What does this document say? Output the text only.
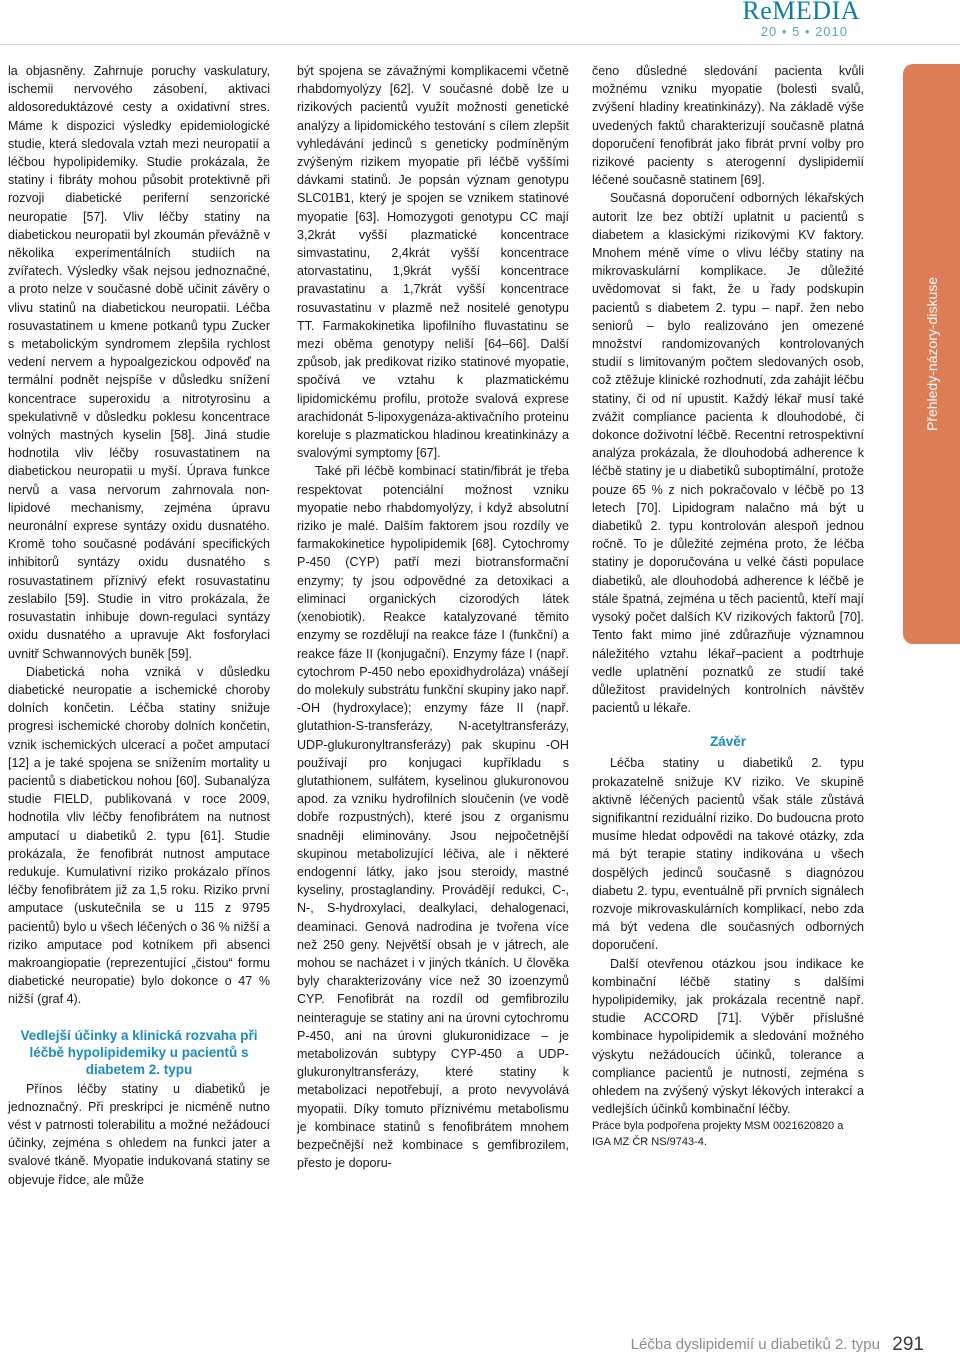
ReMEDIA
20 • 5 • 2010
Přehledy-názory-diskuse

la objasněny. Zahrnuje poruchy vaskulatury, ischemii nervového zásobení, aktivaci aldosoreduktázové cesty a oxidativní stres. Máme k dispozici výsledky epidemiologické studie, která sledovala vztah mezi neuropatií a léčbou hypolipidemiky. Studie prokázala, že statiny i fibráty mohou působit protektivně při rozvoji diabetické periferní senzorické neuropatie [57]. Vliv léčby statiny na diabetickou neuropatii byl zkoumán převážně v několika experimentálních studiích na zvířatech. Výsledky však nejsou jednoznačné, a proto nelze v současné době učinit závěry o vlivu statinů na diabetickou neuropatii. Léčba rosuvastatinem u kmene potkanů typu Zucker s metabolickým syndromem zlepšila rychlost vedení nervem a hypoalgezickou odpověď na termální podnět nejspíše v důsledku snížení koncentrace superoxidu a nitrotyrosinu a spekulativně v důsledku poklesu koncentrace volných mastných kyselin [58]. Jiná studie hodnotila vliv léčby rosuvastatinem na diabetickou neuropatii u myší. Úprava funkce nervů a vasa nervorum zahrnovala non-lipidové mechanismy, zejména úpravu neuronální exprese syntázy oxidu dusnatého. Kromě toho současné podávání specifických inhibitorů syntázy oxidu dusnatého s rosuvastatinem příznivý efekt rosuvastatinu zeslabilo [59]. Studie in vitro prokázala, že rosuvastatin inhibuje down-regulaci syntázy oxidu dusnatého a upravuje Akt fosforylaci uvnitř Schwannových buněk [59].

Diabetická noha vzniká v důsledku diabetické neuropatie a ischemické choroby dolních končetin. Léčba statiny snižuje progresi ischemické choroby dolních končetin, vznik ischemických ulcerací a počet amputací [12] a je také spojena se snížením mortality u pacientů s diabetickou nohou [60]. Subanalýza studie FIELD, publikovaná v roce 2009, hodnotila vliv léčby fenofibrátem na nutnost amputací u diabetiků 2. typu [61]. Studie prokázala, že fenofibrát nutnost amputace redukuje. Kumulativní riziko prokázalo přínos léčby fenofibrátem již za 1,5 roku. Riziko první amputace (uskutečnila se u 115 z 9795 pacientů) bylo u všech léčených o 36 % nižší a riziko amputace pod kotníkem při absenci makroangiopatie (reprezentující „čistou“ formu diabetické neuropatie) bylo dokonce o 47 % nižší (graf 4).

Vedlejší účinky a klinická rozvaha při léčbě hypolipidemiky u pacientů s diabetem 2. typu

Přínos léčby statiny u diabetiků je jednoznačný. Při preskripci je nicméně nutno vést v patrnosti tolerabilitu a možné nežádoucí účinky, zejména s ohledem na funkci jater a svalové tkáně. Myopatie indukovaná statiny se objevuje řídce, ale může

být spojena se závažnými komplikacemi včetně rhabdomyolýzy [62]. V současné době lze u rizikových pacientů využít možnosti genetické analýzy a lipidomického testování s cílem zlepšit vyhledávání jedinců s geneticky podmíněným zvýšeným rizikem myopatie při léčbě vyššími dávkami statinů. Je popsán význam genotypu SLC01B1, který je spojen se vznikem statinové myopatie [63]. Homozygoti genotypu CC mají 3,2krát vyšší plazmatické koncentrace simvastatinu, 2,4krát vyšší koncentrace atorvastatinu, 1,9krát vyšší koncentrace pravastatinu a 1,7krát vyšší koncentrace rosuvastatinu v plazmě než nositelé genotypu TT. Farmakokinetika lipofilního fluvastatinu se mezi oběma genotypy neliší [64–66]. Další způsob, jak predikovat riziko statinové myopatie, spočívá ve vztahu k plazmatickému lipidomickému profilu, protože svalová exprese arachidonát 5-lipoxygenáza-aktivačního proteinu koreluje s plazmatickou hladinou kreatinkinázy a svalovými symptomy [67].

Také při léčbě kombinací statin/fibrát je třeba respektovat potenciální možnost vzniku myopatie nebo rhabdomyolýzy, i když absolutní riziko je malé. Dalším faktorem jsou rozdíly ve farmakokinetice hypolipidemik [68]. Cytochromy P-450 (CYP) patří mezi biotransformační enzymy; ty jsou odpovědné za detoxikaci a eliminaci organických cizorodých látek (xenobiotik). Reakce katalyzované těmito enzymy se rozdělují na reakce fáze I (funkční) a reakce fáze II (konjugační). Enzymy fáze I (např. cytochrom P-450 nebo epoxidhydroláza) vnášejí do molekuly substrátu funkční skupiny jako např. -OH (hydroxylace); enzymy fáze II (např. glutathion-S-transferázy, N-acetyltransferázy, UDP-glukuronyltransferázy) pak skupinu -OH používají pro konjugaci kupříkladu s glutathionem, sulfátem, kyselinou glukuronovou apod. za vzniku hydrofilních sloučenin (ve vodě dobře rozpustných), které jsou z organismu snadněji eliminovány. Jsou nejpočetnější skupinou metabolizující léčiva, ale i některé endogenní látky, jako jsou steroidy, mastné kyseliny, prostaglandiny. Provádějí redukci, C-, N-, S-hydroxylaci, dealkylaci, dehalogenaci, deaminaci. Genová nadrodina je tvořena více než 250 geny. Největší obsah je v játrech, ale mohou se nacházet i v jiných tkáních. U člověka byly charakterizovány více než 30 izoenzymů CYP. Fenofibrát na rozdíl od gemfibrozilu neinteraguje se statiny ani na úrovni cytochromu P-450, ani na úrovni glukuronidizace – je metabolizován subtypy CYP-450 a UDP-glukuronyltransferázy, které statiny k metabolizaci nepotřebují, a proto nevyvolává myopatii. Díky tomuto příznivému metabolismu je kombinace statinů s fenofibrátem mnohem bezpečnější než kombinace s gemfibrozilem, přesto je doporu-

čeno důsledné sledování pacienta kvůli možnému vzniku myopatie (bolesti svalů, zvýšení hladiny kreatinkinázy). Na základě výše uvedených faktů charakterizují současně platná doporučení fenofibrát jako fibrát první volby pro rizikové pacienty s aterogenní dyslipidemií léčené současně statinem [69].

Současná doporučení odborných lékařských autorit lze bez obtíží uplatnit u pacientů s diabetem a klasickými rizikovými KV faktory. Mnohem méně víme o vlivu léčby statiny na mikrovaskulární komplikace. Je důležité uvědomovat si fakt, že u řady podskupin pacientů s diabetem 2. typu – např. žen nebo seniorů – bylo realizováno jen omezené množství randomizovaných kontrolovaných studií s limitovaným počtem sledovaných osob, což ztěžuje klinické rozhodnutí, zda zahájit léčbu statiny, či od ní upustit. Každý lékař musí také zvážit compliance pacienta k dlouhodobé, či dokonce doživotní léčbě. Recentní retrospektivní analýza prokázala, že dlouhodobá adherence k léčbě statiny je u diabetiků suboptimální, protože pouze 65 % z nich pokračovalo v léčbě po 13 letech [70]. Lipidogram nalačno má být u diabetiků 2. typu kontrolován alespoň jednou ročně. To je důležité zejména proto, že léčba statiny je doporučována u velké části populace diabetiků, ale dlouhodobá adherence k léčbě je stále špatná, zejména u těch pacientů, kteří mají vysoký počet dalších KV rizikových faktorů [70]. Tento fakt mimo jiné zdůrazňuje významnou náležitého vztahu lékař–pacient a podtrhuje vedle uplatnění poznatků ze studií také důležitost pravidelných kontrolních návštěv pacientů u lékaře.

Závěr

Léčba statiny u diabetiků 2. typu prokazatelně snižuje KV riziko. Ve skupině aktivně léčených pacientů však stále zůstává signifikantní reziduální riziko. Do budoucna proto musíme hledat odpovědi na takové otázky, zda má být terapie statiny indikována u všech dospělých jedinců současně s diagnózou diabetu 2. typu, eventuálně při prvních signálech rozvoje mikrovaskulárních komplikací, nebo zda má být vedena dle současných odborných doporučení.

Další otevřenou otázkou jsou indikace ke kombinační léčbě statiny s dalšími hypolipidemiky, jak prokázala recentně např. studie ACCORD [71]. Výběr příslušné kombinace hypolipidemik a sledování možného výskytu nežádoucích účinků, tolerance a compliance pacientů je nutností, zejména s ohledem na zvýšený výskyt lékových interakcí a vedlejších účinků kombinační léčby.

Práce byla podpořena projekty MSM 0021620820 a IGA MZ ČR NS/9743-4.

Léčba dyslipidemií u diabetiků 2. typu 291
